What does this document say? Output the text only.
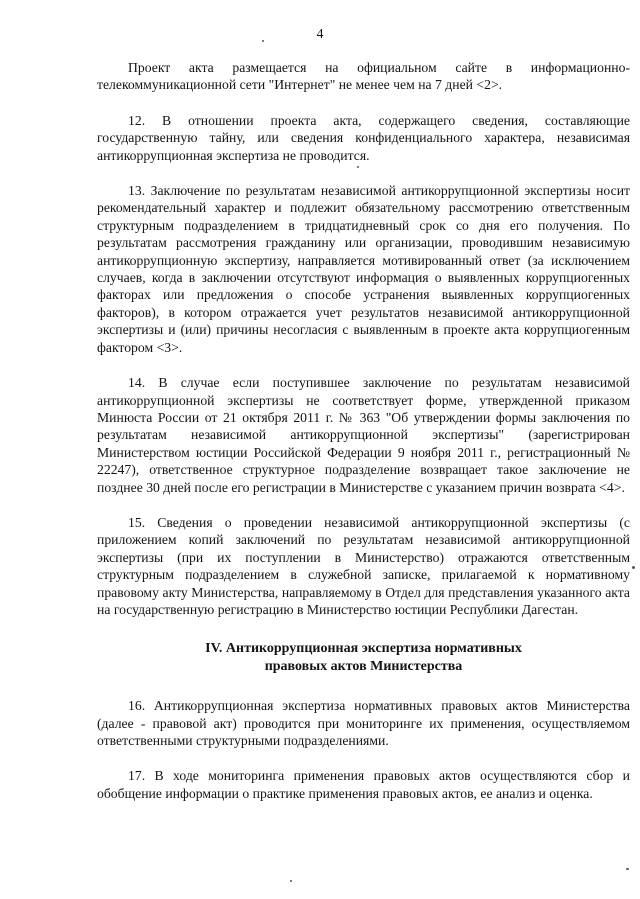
4

Проект акта размещается на официальном сайте в информационно-телекоммуникационной сети "Интернет" не менее чем на 7 дней <2>.

12. В отношении проекта акта, содержащего сведения, составляющие государственную тайну, или сведения конфиденциального характера, независимая антикоррупционная экспертиза не проводится.

13. Заключение по результатам независимой антикоррупционной экспертизы носит рекомендательный характер и подлежит обязательному рассмотрению ответственным структурным подразделением в тридцатидневный срок со дня его получения. По результатам рассмотрения гражданину или организации, проводившим независимую антикоррупционную экспертизу, направляется мотивированный ответ (за исключением случаев, когда в заключении отсутствуют информация о выявленных коррупциогенных факторах или предложения о способе устранения выявленных коррупциогенных факторов), в котором отражается учет результатов независимой антикоррупционной экспертизы и (или) причины несогласия с выявленным в проекте акта коррупциогенным фактором <3>.

14. В случае если поступившее заключение по результатам независимой антикоррупционной экспертизы не соответствует форме, утвержденной приказом Минюста России от 21 октября 2011 г. № 363 "Об утверждении формы заключения по результатам независимой антикоррупционной экспертизы" (зарегистрирован Министерством юстиции Российской Федерации 9 ноября 2011 г., регистрационный № 22247), ответственное структурное подразделение возвращает такое заключение не позднее 30 дней после его регистрации в Министерстве с указанием причин возврата <4>.

15. Сведения о проведении независимой антикоррупционной экспертизы (с приложением копий заключений по результатам независимой антикоррупционной экспертизы (при их поступлении в Министерство) отражаются ответственным структурным подразделением в служебной записке, прилагаемой к нормативному правовому акту Министерства, направляемому в Отдел для представления указанного акта на государственную регистрацию в Министерство юстиции Республики Дагестан.

IV. Антикоррупционная экспертиза нормативных
правовых актов Министерства

16. Антикоррупционная экспертиза нормативных правовых актов Министерства (далее - правовой акт) проводится при мониторинге их применения, осуществляемом ответственными структурными подразделениями.

17. В ходе мониторинга применения правовых актов осуществляются сбор и обобщение информации о практике применения правовых актов, ее анализ и оценка.
